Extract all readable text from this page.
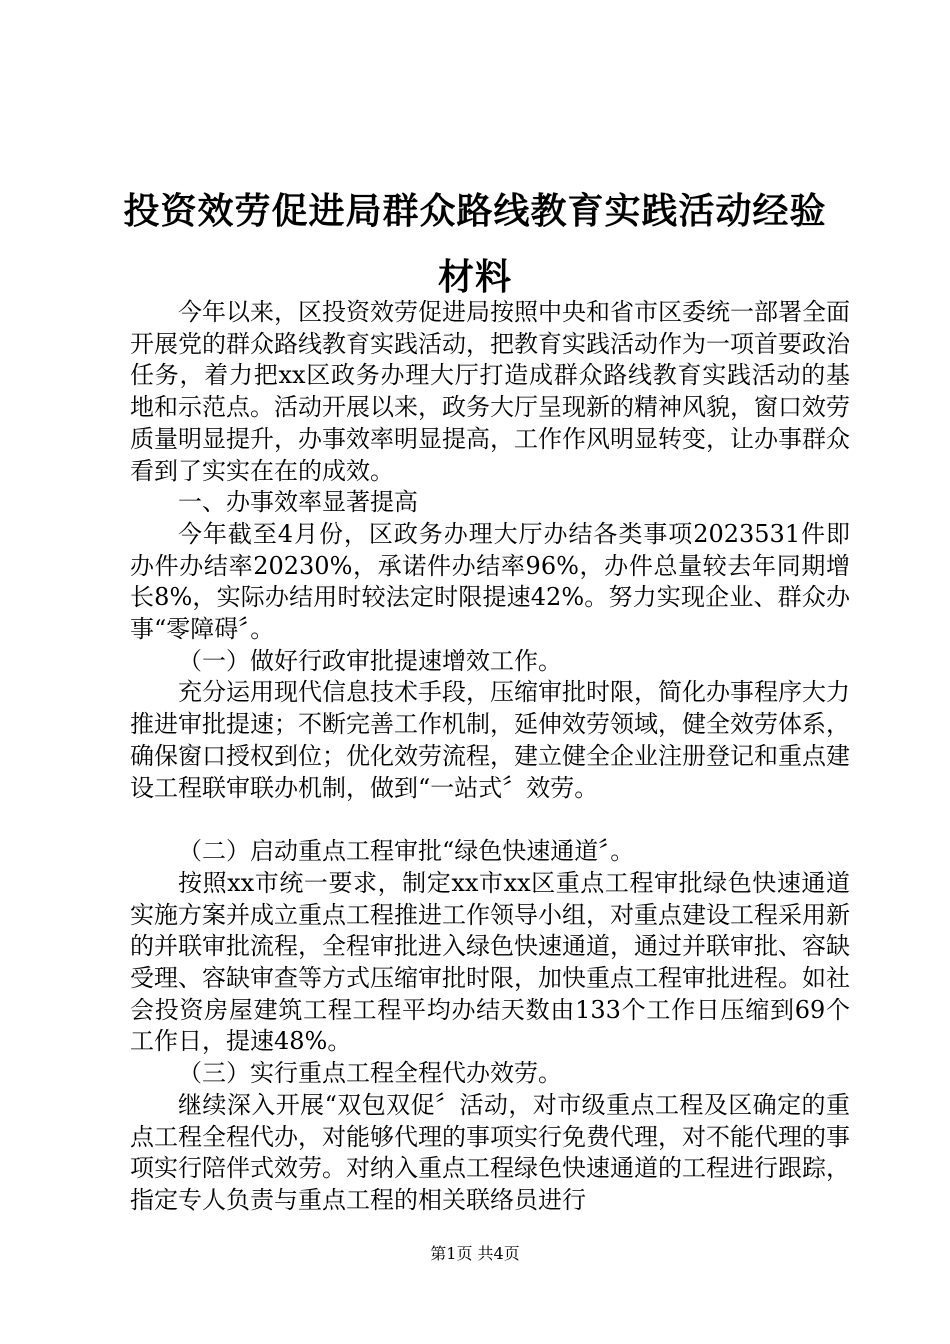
投资效劳促进局群众路线教育实践活动经验材料

今年以来，区投资效劳促进局按照中央和省市区委统一部署全面开展党的群众路线教育实践活动，把教育实践活动作为一项首要政治任务，着力把xx区政务办理大厅打造成群众路线教育实践活动的基地和示范点。活动开展以来，政务大厅呈现新的精神风貌，窗口效劳质量明显提升，办事效率明显提高，工作作风明显转变，让办事群众看到了实实在在的成效。

一、办事效率显著提高

今年截至4月份，区政务办理大厅办结各类事项2023531件即办件办结率20230%，承诺件办结率96%，办件总量较去年同期增长8%，实际办结用时较法定时限提速42%。努力实现企业、群众办事“零障碍〞。

（一）做好行政审批提速增效工作。

充分运用现代信息技术手段，压缩审批时限，简化办事程序大力推进审批提速；不断完善工作机制，延伸效劳领域，健全效劳体系，确保窗口授权到位；优化效劳流程，建立健全企业注册登记和重点建设工程联审联办机制，做到“一站式〞效劳。

（二）启动重点工程审批“绿色快速通道〞。

按照xx市统一要求，制定xx市xx区重点工程审批绿色快速通道实施方案并成立重点工程推进工作领导小组，对重点建设工程采用新的并联审批流程，全程审批进入绿色快速通道，通过并联审批、容缺受理、容缺审查等方式压缩审批时限，加快重点工程审批进程。如社会投资房屋建筑工程工程平均办结天数由133个工作日压缩到69个工作日，提速48%。

（三）实行重点工程全程代办效劳。

继续深入开展“双包双促〞活动，对市级重点工程及区确定的重点工程全程代办，对能够代理的事项实行免费代理，对不能代理的事项实行陪伴式效劳。对纳入重点工程绿色快速通道的工程进行跟踪，指定专人负责与重点工程的相关联络员进行

第1页 共4页
